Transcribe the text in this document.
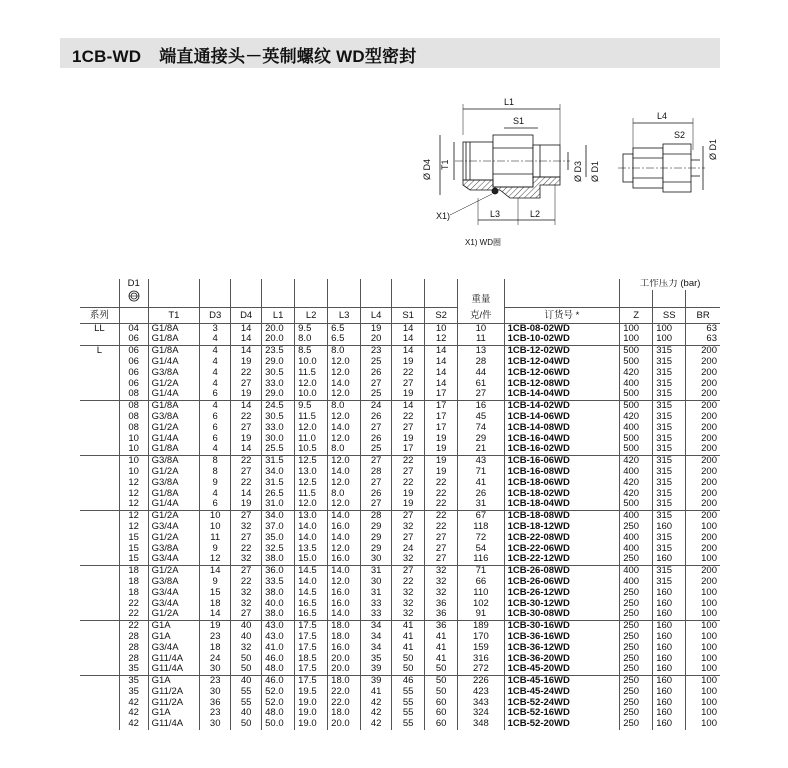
1CB-WD 端直通接头－英制螺纹 WD型密封
L1
S1
Ø D4 T1	Ø D3 Ø D1
X1)	L3	L2
L4
S2
Ø D1
X1) WD圈
	D1												工作压力 (bar)		
											重量				
系列		T1	D3	D4	L1	L2	L3	L4	S1	S2	克/件	订货号 *	Z	SS	BR
LL	04	G1/8A	3	14	20.0	9.5	6.5	19	14	10	10	1CB-08-02WD	100	100	63
	06	G1/8A	4	14	20.0	8.0	6.5	20	14	12	11	1CB-10-02WD	100	100	63
L	06	G1/8A	4	14	23.5	8.5	8.0	23	14	14	13	1CB-12-02WD	500	315	200
	06	G1/4A	4	19	29.0	10.0	12.0	25	19	14	28	1CB-12-04WD	500	315	200
	06	G3/8A	4	22	30.5	11.5	12.0	26	22	14	44	1CB-12-06WD	420	315	200
	06	G1/2A	4	27	33.0	12.0	14.0	27	27	14	61	1CB-12-08WD	400	315	200
	08	G1/4A	6	19	29.0	10.0	12.0	25	19	17	27	1CB-14-04WD	500	315	200
	08	G1/8A	4	14	24.5	9.5	8.0	24	14	17	16	1CB-14-02WD	500	315	200
	08	G3/8A	6	22	30.5	11.5	12.0	26	22	17	45	1CB-14-06WD	420	315	200
	08	G1/2A	6	27	33.0	12.0	14.0	27	27	17	74	1CB-14-08WD	400	315	200
	10	G1/4A	6	19	30.0	11.0	12.0	26	19	19	29	1CB-16-04WD	500	315	200
	10	G1/8A	4	14	25.5	10.5	8.0	25	17	19	21	1CB-16-02WD	500	315	200
	10	G3/8A	8	22	31.5	12.5	12.0	27	22	19	43	1CB-16-06WD	420	315	200
	10	G1/2A	8	27	34.0	13.0	14.0	28	27	19	71	1CB-16-08WD	400	315	200
	12	G3/8A	9	22	31.5	12.5	12.0	27	22	22	41	1CB-18-06WD	420	315	200
	12	G1/8A	4	14	26.5	11.5	8.0	26	19	22	26	1CB-18-02WD	420	315	200
	12	G1/4A	6	19	31.0	12.0	12.0	27	19	22	31	1CB-18-04WD	500	315	200
	12	G1/2A	10	27	34.0	13.0	14.0	28	27	22	67	1CB-18-08WD	400	315	200
	12	G3/4A	10	32	37.0	14.0	16.0	29	32	22	118	1CB-18-12WD	250	160	100
	15	G1/2A	11	27	35.0	14.0	14.0	29	27	27	72	1CB-22-08WD	400	315	200
	15	G3/8A	9	22	32.5	13.5	12.0	29	24	27	54	1CB-22-06WD	400	315	200
	15	G3/4A	12	32	38.0	15.0	16.0	30	32	27	116	1CB-22-12WD	250	160	100
	18	G1/2A	14	27	36.0	14.5	14.0	31	27	32	71	1CB-26-08WD	400	315	200
	18	G3/8A	9	22	33.5	14.0	12.0	30	22	32	66	1CB-26-06WD	400	315	200
	18	G3/4A	15	32	38.0	14.5	16.0	31	32	32	110	1CB-26-12WD	250	160	100
	22	G3/4A	18	32	40.0	16.5	16.0	33	32	36	102	1CB-30-12WD	250	160	100
	22	G1/2A	14	27	38.0	16.5	14.0	33	32	36	91	1CB-30-08WD	250	160	100
	22	G1A	19	40	43.0	17.5	18.0	34	41	36	189	1CB-30-16WD	250	160	100
	28	G1A	23	40	43.0	17.5	18.0	34	41	41	170	1CB-36-16WD	250	160	100
	28	G3/4A	18	32	41.0	17.5	16.0	34	41	41	159	1CB-36-12WD	250	160	100
	28	G11/4A	24	50	46.0	18.5	20.0	35	50	41	316	1CB-36-20WD	250	160	100
	35	G11/4A	30	50	48.0	17.5	20.0	39	50	50	272	1CB-45-20WD	250	160	100
	35	G1A	23	40	46.0	17.5	18.0	39	46	50	226	1CB-45-16WD	250	160	100
	35	G11/2A	30	55	52.0	19.5	22.0	41	55	50	423	1CB-45-24WD	250	160	100
	42	G11/2A	36	55	52.0	19.0	22.0	42	55	60	343	1CB-52-24WD	250	160	100
	42	G1A	23	40	48.0	19.0	18.0	42	55	60	324	1CB-52-16WD	250	160	100
	42	G11/4A	30	50	50.0	19.0	20.0	42	55	60	348	1CB-52-20WD	250	160	100
